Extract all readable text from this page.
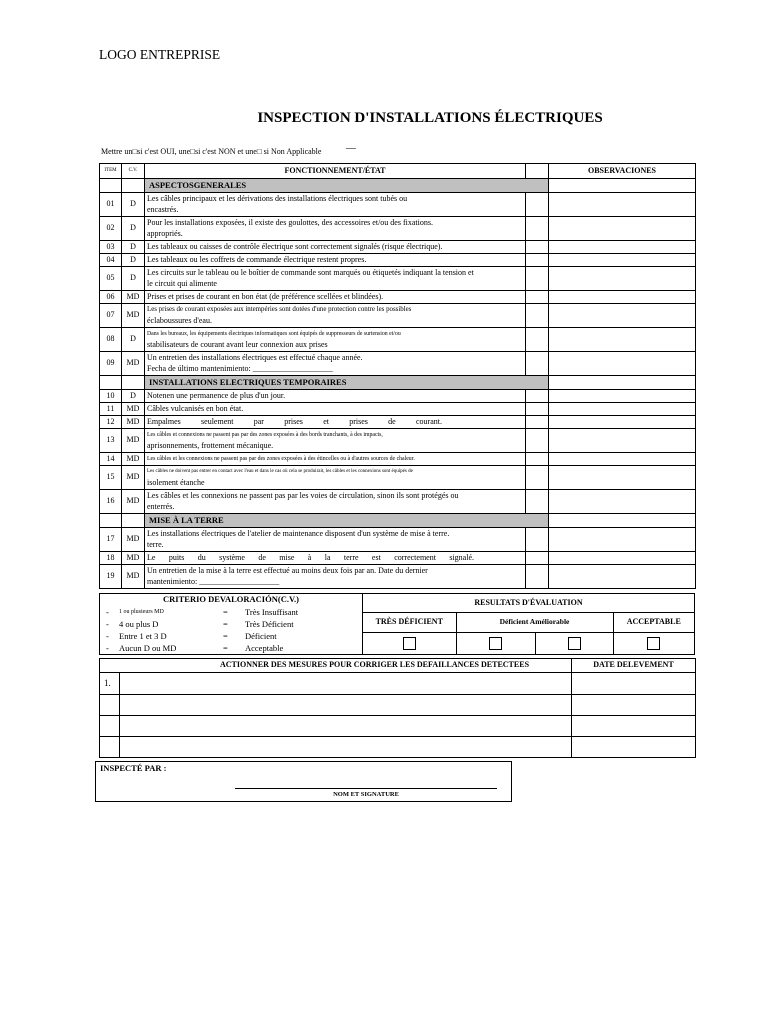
LOGO ENTREPRISE
INSPECTION D'INSTALLATIONS ÉLECTRIQUES
Mettre un□si c'est OUI, une□si c'est NON et une□ si Non Applicable —
ITEM	C.V.	FONCTIONNEMENT/ÉTAT		OBSERVACIONES
		ASPECTOSGENERALES		
01	D	Les câbles principaux et les dérivations des installations électriques sont tubés ou
encastrés.		

02	D	Pour les installations exposées, il existe des goulottes, des accessoires et/ou des fixations.
appropriés.		

03	D	Les tableaux ou caisses de contrôle électrique sont correctement signalés (risque électrique).		

04	D	Les tableaux ou les coffrets de commande électrique restent propres.		

05	D	Les circuits sur le tableau ou le boîtier de commande sont marqués ou étiquetés indiquant la tension et
le circuit qui alimente		

06	MD	Prises et prises de courant en bon état (de préférence scellées et blindées).		

07	MD	Les prises de courant exposées aux intempéries sont dotées d'une protection contre les possibles
éclaboussures d'eau.		

08	D	Dans les bureaux, les équipements électriques informatiques sont équipés de suppresseurs de surtension et/ou
stabilisateurs de courant avant leur connexion aux prises		

09	MD	Un entretien des installations électriques est effectué chaque année.
Fecha de último mantenimiento: ____________________		

		INSTALLATIONS ELECTRIQUES TEMPORAIRES		
10	D	Notenen une permanence de plus d'un jour.		

11	MD	Câbles vulcanisés en bon état.		

12	MD	Empalmes seulement par prises et prises de courant.		

13	MD	Les câbles et connexions ne passent pas par des zones exposées à des bords tranchants, à des impacts,
aprisonnements, frottement mécanique.		

14	MD	Les câbles et les connexions ne passent pas par des zones exposées à des étincelles ou à d'autres sources de chaleur.		

15	MD	Les câbles ne doivent pas entrer en contact avec l'eau et dans le cas où cela se produirait, les câbles et les connexions sont équipés de
isolement étanche		

16	MD	Les câbles et les connexions ne passent pas par les voies de circulation, sinon ils sont protégés ou
enterrés.		

		MISE À LA TERRE		
17	MD	Les installations électriques de l'atelier de maintenance disposent d'un système de mise à terre.
terre.		

18	MD	Le puits du système de mise à la terre est correctement signalé.		

19	MD	Un entretien de la mise à la terre est effectué au moins deux fois par an. Date du dernier
mantenimiento: ____________________		

CRITERIO DEVALORACIÓN(C.V.)
- 1 ou plusieurs MD	= Très Insuffisant
- 4 ou plus D	= Très Déficient
- Entre 1 et 3 D	= Déficient
- Aucun D ou MD	= Acceptable
RESULTATS D'ÉVALUATION
TRÈS DÉFICIENT	Déficient Améliorable		ACCEPTABLE

ACTIONNER DES MESURES POUR CORRIGER LES DEFAILLANCES DETECTEES		DATE DELEVEMENT
1.		

INSPECTÉ PAR :
NOM ET SIGNATURE
